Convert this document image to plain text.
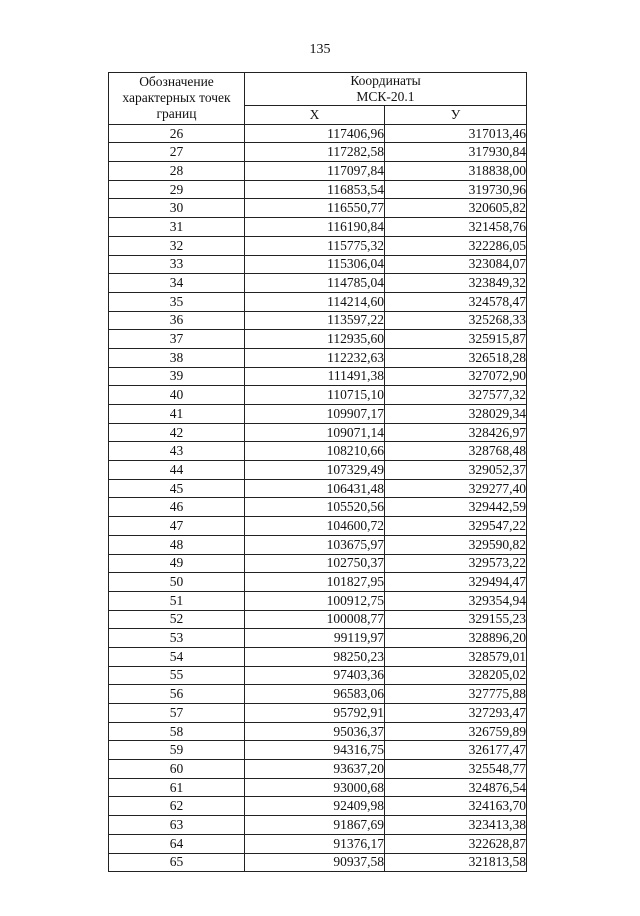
135
Обозначение
характерных точек
границ	Координаты
МСК-20.1	
	X	У
26	117406,96	317013,46
27	117282,58	317930,84
28	117097,84	318838,00
29	116853,54	319730,96
30	116550,77	320605,82
31	116190,84	321458,76
32	115775,32	322286,05
33	115306,04	323084,07
34	114785,04	323849,32
35	114214,60	324578,47
36	113597,22	325268,33
37	112935,60	325915,87
38	112232,63	326518,28
39	111491,38	327072,90
40	110715,10	327577,32
41	109907,17	328029,34
42	109071,14	328426,97
43	108210,66	328768,48
44	107329,49	329052,37
45	106431,48	329277,40
46	105520,56	329442,59
47	104600,72	329547,22
48	103675,97	329590,82
49	102750,37	329573,22
50	101827,95	329494,47
51	100912,75	329354,94
52	100008,77	329155,23
53	99119,97	328896,20
54	98250,23	328579,01
55	97403,36	328205,02
56	96583,06	327775,88
57	95792,91	327293,47
58	95036,37	326759,89
59	94316,75	326177,47
60	93637,20	325548,77
61	93000,68	324876,54
62	92409,98	324163,70
63	91867,69	323413,38
64	91376,17	322628,87
65	90937,58	321813,58
